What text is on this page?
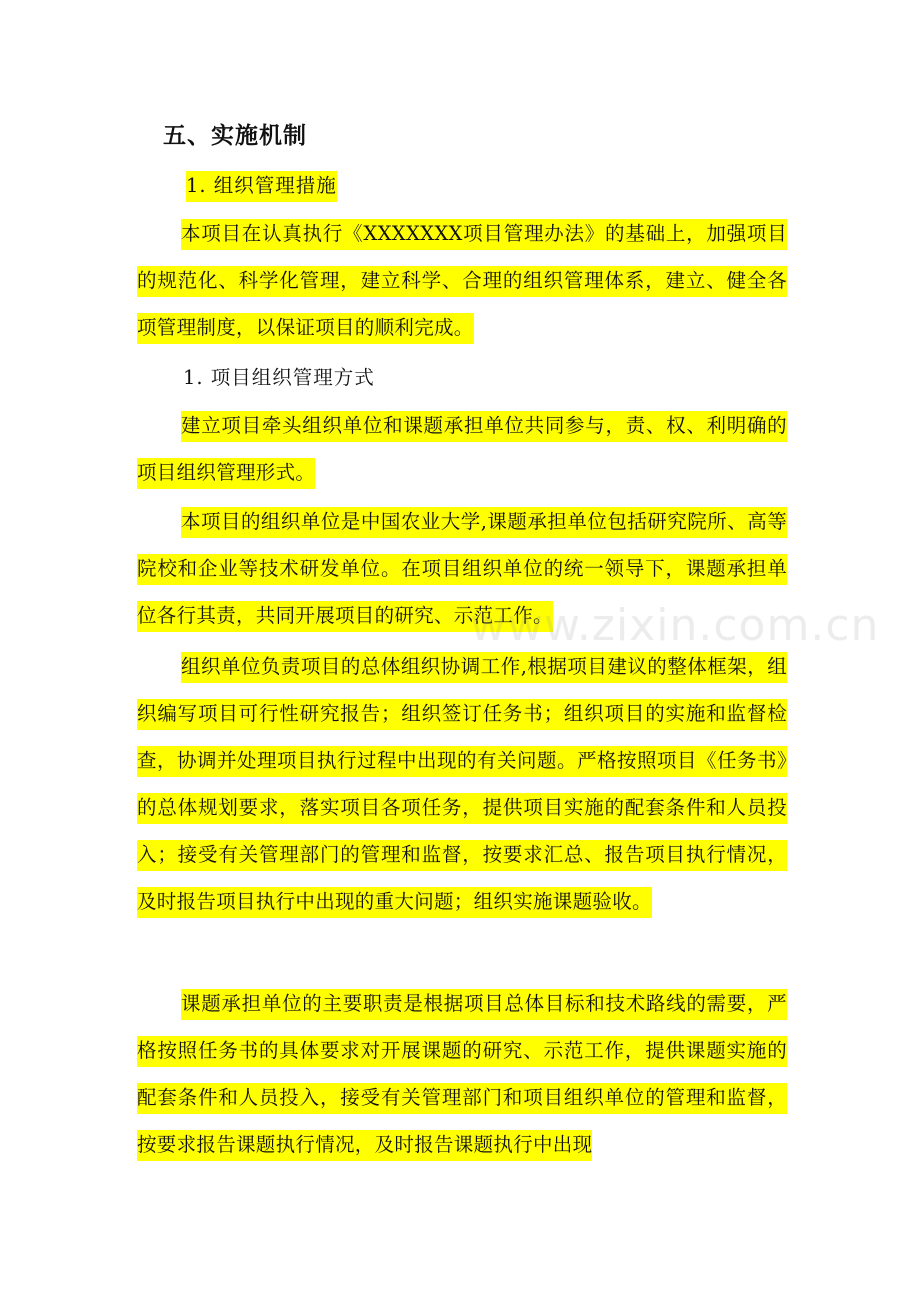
五、实施机制
1. 组织管理措施
本项目在认真执行《XXXXXXX项目管理办法》的基础上，加强项目的规范化、科学化管理，建立科学、合理的组织管理体系，建立、健全各项管理制度，以保证项目的顺利完成。
1. 项目组织管理方式
建立项目牵头组织单位和课题承担单位共同参与，责、权、利明确的项目组织管理形式。
本项目的组织单位是中国农业大学,课题承担单位包括研究院所、高等院校和企业等技术研发单位。在项目组织单位的统一领导下，课题承担单位各行其责，共同开展项目的研究、示范工作。
组织单位负责项目的总体组织协调工作,根据项目建议的整体框架，组织编写项目可行性研究报告；组织签订任务书；组织项目的实施和监督检查，协调并处理项目执行过程中出现的有关问题。严格按照项目《任务书》的总体规划要求，落实项目各项任务，提供项目实施的配套条件和人员投入；接受有关管理部门的管理和监督，按要求汇总、报告项目执行情况，及时报告项目执行中出现的重大问题；组织实施课题验收。
课题承担单位的主要职责是根据项目总体目标和技术路线的需要，严格按照任务书的具体要求对开展课题的研究、示范工作，提供课题实施的配套条件和人员投入，接受有关管理部门和项目组织单位的管理和监督，按要求报告课题执行情况，及时报告课题执行中出现
www.zixin.com.cn
